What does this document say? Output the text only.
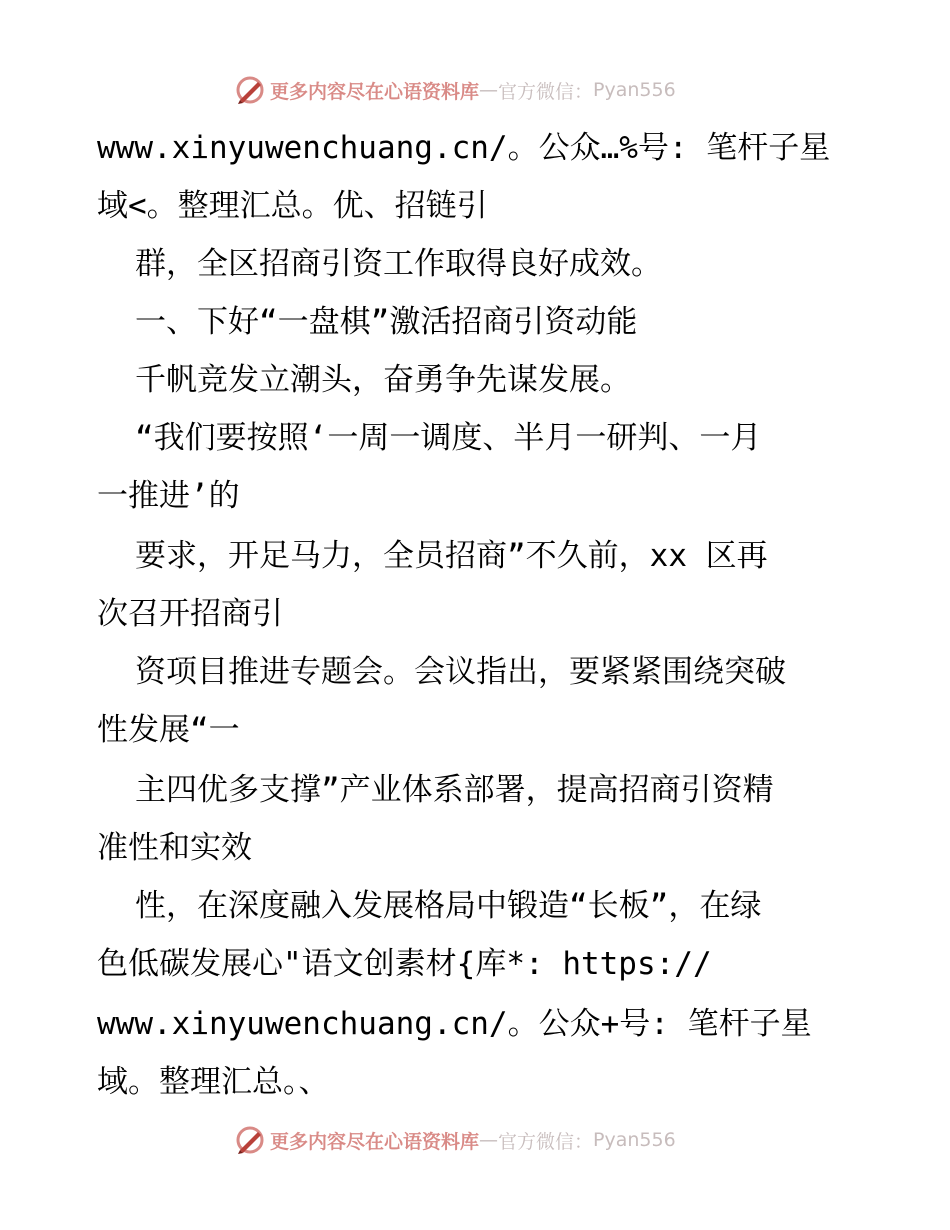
更多内容尽在心语资料库 — 官方微信： Pyan556
www.xinyuwenchuang.cn/。公众…%号: 笔杆子星
域<。整理汇总。优、招链引
群，全区招商引资工作取得良好成效。
一、下好“一盘棋”激活招商引资动能
千帆竞发立潮头，奋勇争先谋发展。
“我们要按照‘一周一调度、半月一研判、一月
一推进’的
要求，开足马力，全员招商”不久前，xx 区再
次召开招商引
资项目推进专题会。会议指出，要紧紧围绕突破
性发展“一
主四优多支撑”产业体系部署，提高招商引资精
准性和实效
性，在深度融入发展格局中锻造“长板”，在绿
色低碳发展心"语文创素材{库*: https://
www.xinyuwenchuang.cn/。公众+号: 笔杆子星
域。整理汇总。、
更多内容尽在心语资料库 — 官方微信： Pyan556
